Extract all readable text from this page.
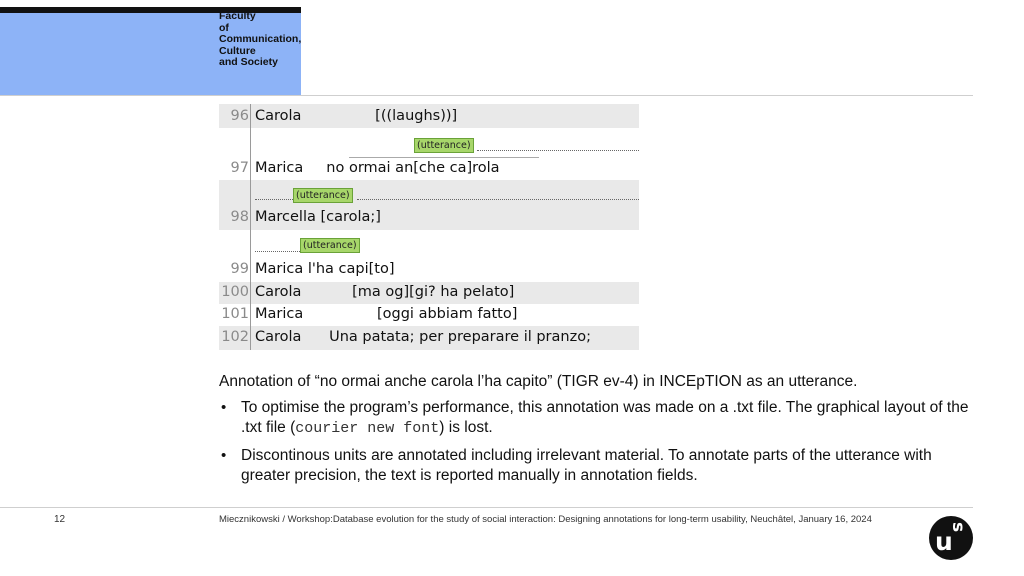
Faculty
of
Communication,
Culture
and Society
96 Carola                [((laughs))]
(utterance)
97 Marica     no ormai an[che ca]rola
(utterance)
98 Marcella [carola;]
(utterance)
99 Marica l'ha capi[to]
100 Carola           [ma og][gi? ha pelato]
101 Marica                [oggi abbiam fatto]
102 Carola      Una patata; per preparare il pranzo;
Annotation of “no ormai anche carola l’ha capito” (TIGR ev-4) in INCEpTION as an utterance.
• To optimise the program’s performance, this annotation was made on a .txt file. The graphical layout of the .txt file (courier new font) is lost.
• Discontinous units are annotated including irrelevant material. To annotate parts of the utterance with greater precision, the text is reported manually in annotation fields.
12	Miecznikowski / Workshop:Database evolution for the study of social interaction: Designing annotations for long-term usability, Neuchâtel, January 16, 2024
u
s
